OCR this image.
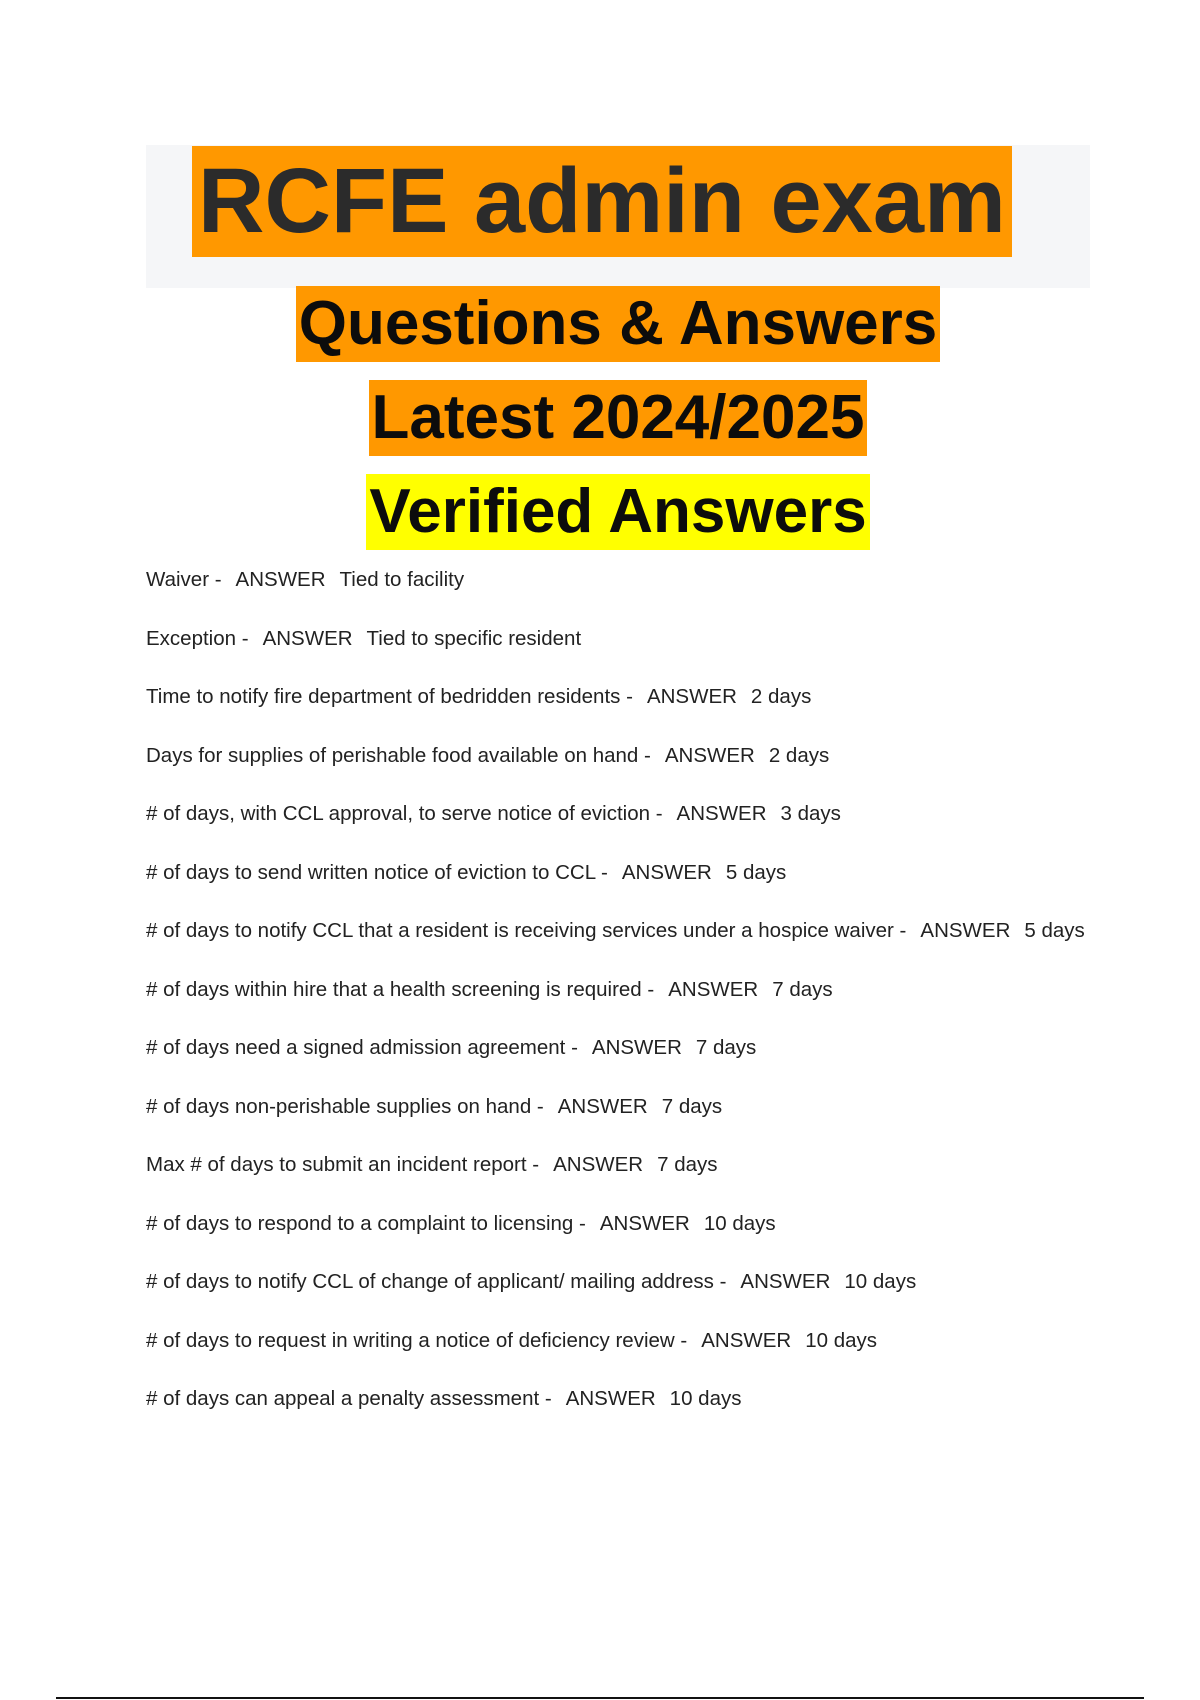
RCFE admin exam
Questions & Answers
Latest 2024/2025
Verified Answers
Waiver - ANSWER Tied to facility
Exception - ANSWER Tied to specific resident
Time to notify fire department of bedridden residents - ANSWER 2 days
Days for supplies of perishable food available on hand - ANSWER 2 days
# of days, with CCL approval, to serve notice of eviction - ANSWER 3 days
# of days to send written notice of eviction to CCL - ANSWER 5 days
# of days to notify CCL that a resident is receiving services under a hospice waiver - ANSWER 5 days
# of days within hire that a health screening is required - ANSWER 7 days
# of days need a signed admission agreement - ANSWER 7 days
# of days non-perishable supplies on hand - ANSWER 7 days
Max # of days to submit an incident report - ANSWER 7 days
# of days to respond to a complaint to licensing - ANSWER 10 days
# of days to notify CCL of change of applicant/ mailing address - ANSWER 10 days
# of days to request in writing a notice of deficiency review - ANSWER 10 days
# of days can appeal a penalty assessment - ANSWER 10 days
